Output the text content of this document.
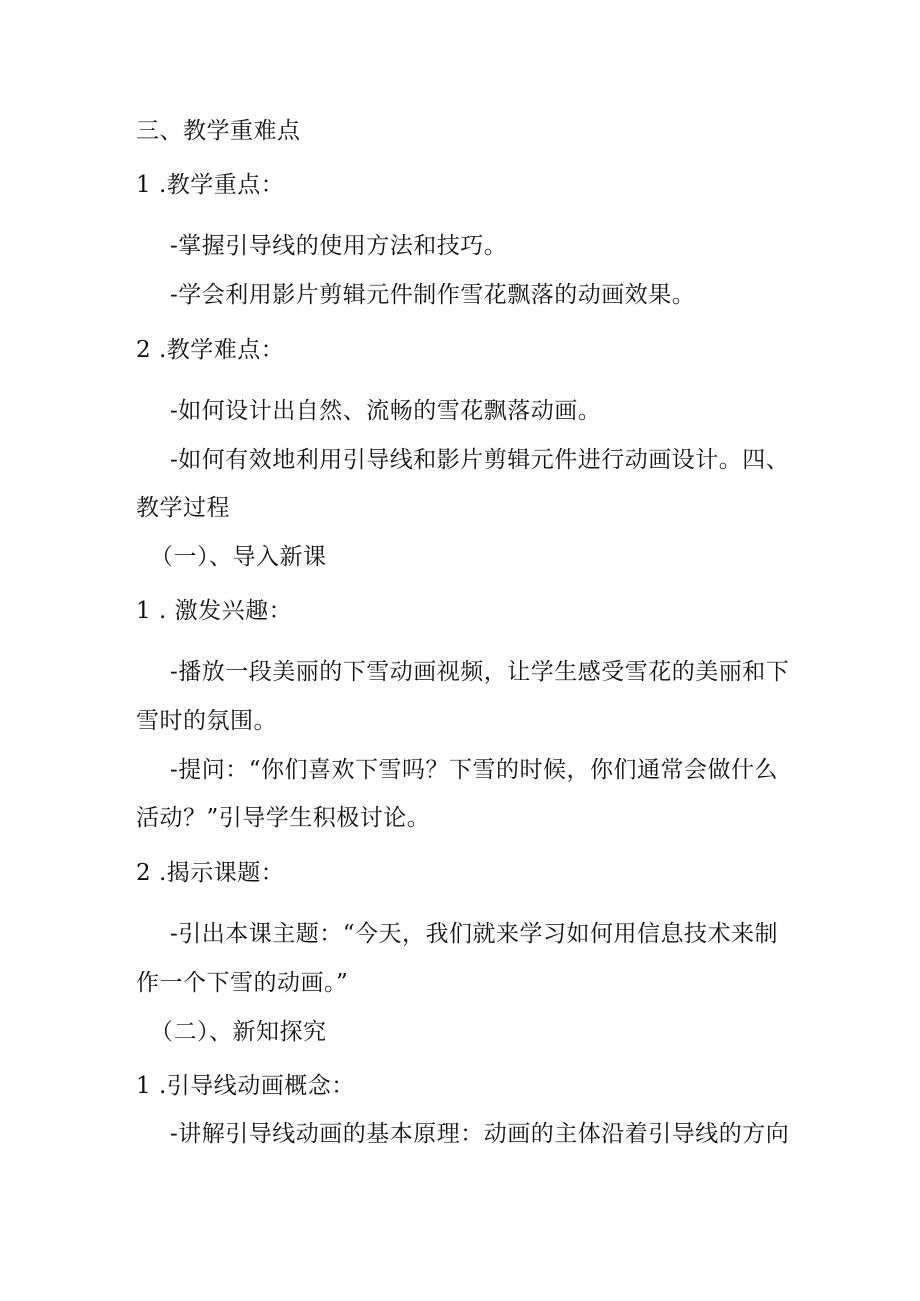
三、教学重难点
1 .教学重点：
-掌握引导线的使用方法和技巧。
-学会利用影片剪辑元件制作雪花飘落的动画效果。
2 .教学难点：
-如何设计出自然、流畅的雪花飘落动画。
-如何有效地利用引导线和影片剪辑元件进行动画设计。四、
教学过程
（一）、导入新课
1 . 激发兴趣：
-播放一段美丽的下雪动画视频，让学生感受雪花的美丽和下
雪时的氛围。
-提问：“你们喜欢下雪吗？下雪的时候，你们通常会做什么
活动？”引导学生积极讨论。
2 .揭示课题：
-引出本课主题：“今天，我们就来学习如何用信息技术来制
作一个下雪的动画。”
（二）、新知探究
1 .引导线动画概念：
-讲解引导线动画的基本原理：动画的主体沿着引导线的方向
